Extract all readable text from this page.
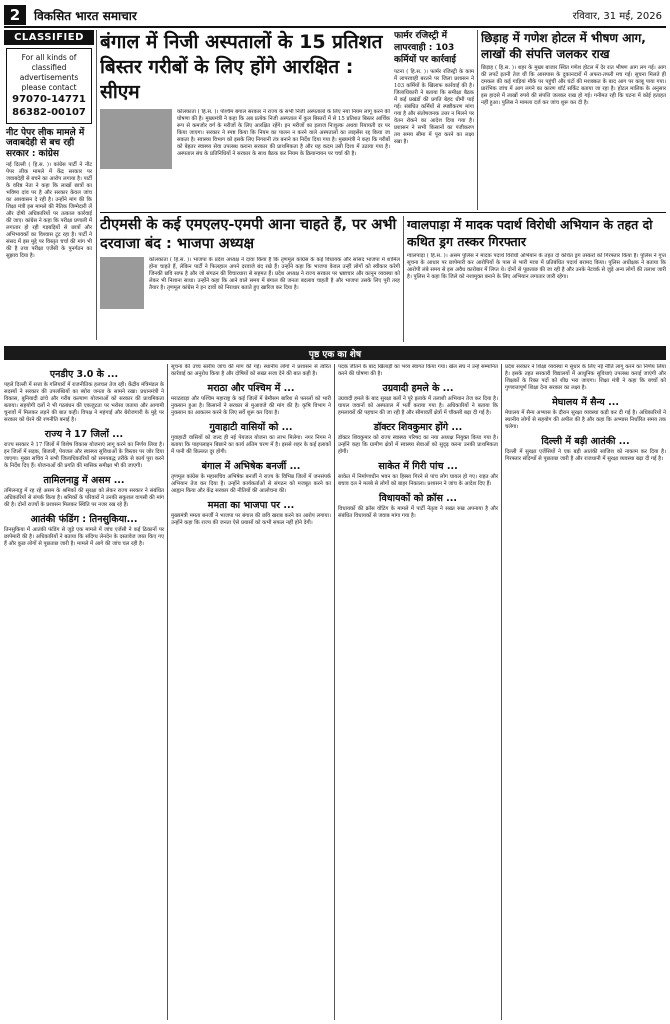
2	विकसित भारत समाचार	रविवार, 31 मई, 2026
CLASSIFIED
For all kinds of
classified
advertisements
please contact
97070-14771
86382-00107

नीट पेपर लीक मामले में जवाबदेही से बच रही सरकार : कांग्रेस

नई दिल्ली ( हि.स. )। कांग्रेस पार्टी ने नीट पेपर लीक मामले में केंद्र सरकार पर जवाबदेही से बचने का आरोप लगाया है। पार्टी के वरिष्ठ नेता ने कहा कि लाखों छात्रों का भविष्य दांव पर है और सरकार केवल जांच का आश्वासन दे रही है। उन्होंने मांग की कि शिक्षा मंत्री इस मामले की नैतिक जिम्मेदारी लें और दोषी अधिकारियों पर तत्काल कार्रवाई की जाए। कांग्रेस ने कहा कि परीक्षा प्रणाली में लगातार हो रही गड़बड़ियों से छात्रों और अभिभावकों का विश्वास टूट रहा है। पार्टी ने संसद में इस मुद्दे पर विस्तृत चर्चा की मांग भी की है तथा परीक्षा एजेंसी के पुनर्गठन का सुझाव दिया है।

बंगाल में निजी अस्पतालों के 15 प्रतिशत बिस्तर गरीबों के लिए होंगे आरक्षित : सीएम

कोलकाता ( हि.स. )। पश्चिम बंगाल सरकार ने राज्य के सभी निजी अस्पतालों के लिए नया नियम लागू करने की घोषणा की है। मुख्यमंत्री ने कहा कि अब प्रत्येक निजी अस्पताल में कुल बिस्तरों में से 15 प्रतिशत बिस्तर आर्थिक रूप से कमजोर वर्ग के मरीजों के लिए आरक्षित रहेंगे। इन मरीजों का इलाज निःशुल्क अथवा रियायती दर पर किया जाएगा। सरकार ने स्पष्ट किया कि नियम का पालन न करने वाले अस्पतालों का लाइसेंस रद्द किया जा सकता है। स्वास्थ्य विभाग को इसके लिए निगरानी तंत्र बनाने का निर्देश दिया गया है। मुख्यमंत्री ने कहा कि गरीबों को बेहतर स्वास्थ्य सेवा उपलब्ध कराना सरकार की प्राथमिकता है और यह कदम उसी दिशा में उठाया गया है। अस्पताल संघ के प्रतिनिधियों ने सरकार के साथ बैठक कर नियम के क्रियान्वयन पर चर्चा की है।

फार्मर रजिस्ट्री में लापरवाही : 103 कर्मियों पर कार्रवाई

पटना ( हि.स. )। फार्मर रजिस्ट्री के काम में लापरवाही बरतने पर जिला प्रशासन ने 103 कर्मियों के खिलाफ कार्रवाई की है। जिलाधिकारी ने बताया कि समीक्षा बैठक में कई प्रखंडों की प्रगति बेहद धीमी पाई गई। संबंधित कर्मियों से स्पष्टीकरण मांगा गया है और संतोषजनक उत्तर न मिलने पर वेतन रोकने का आदेश दिया गया है। प्रशासन ने सभी किसानों का पंजीकरण तय समय सीमा में पूरा करने का लक्ष्य रखा है।

छिड़ाह में गणेश होटल में भीषण आग, लाखों की संपत्ति जलकर राख

छिड़ाह ( हि.स. )। शहर के मुख्य बाजार स्थित गणेश होटल में देर रात भीषण आग लग गई। आग की लपटें इतनी तेज थीं कि आसपास के दुकानदारों में अफरा-तफरी मच गई। सूचना मिलते ही दमकल की कई गाड़ियां मौके पर पहुंचीं और घंटों की मशक्कत के बाद आग पर काबू पाया गया। प्रारंभिक जांच में आग लगने का कारण शॉर्ट सर्किट बताया जा रहा है। होटल मालिक के अनुसार इस हादसे में लाखों रुपये की संपत्ति जलकर राख हो गई। गनीमत रही कि घटना में कोई हताहत नहीं हुआ। पुलिस ने मामला दर्ज कर जांच शुरू कर दी है।

टीएमसी के कई एमएलए-एमपी आना चाहते हैं, पर अभी दरवाजा बंद : भाजपा अध्यक्ष

कोलकाता ( हि.स. )। भाजपा के प्रदेश अध्यक्ष ने दावा किया है कि तृणमूल कांग्रेस के कई विधायक और सांसद भाजपा में शामिल होना चाहते हैं, लेकिन पार्टी ने फिलहाल अपने दरवाजे बंद रखे हैं। उन्होंने कहा कि भाजपा केवल उन्हीं लोगों को स्वीकार करेगी जिनकी छवि साफ है और जो संगठन की विचारधारा से सहमत हैं। प्रदेश अध्यक्ष ने राज्य सरकार पर भ्रष्टाचार और कानून व्यवस्था को लेकर भी निशाना साधा। उन्होंने कहा कि आने वाले समय में बंगाल की जनता बदलाव चाहती है और भाजपा उसके लिए पूरी तरह तैयार है। तृणमूल कांग्रेस ने इन दावों को निराधार बताते हुए खारिज कर दिया है।

ग्वालपाड़ा में मादक पदार्थ विरोधी अभियान के तहत दो कथित ड्रग तस्कर गिरफ्तार

ग्वालपाड़ा ( हि.स. )। असम पुलिस ने मादक पदार्थ विरोधी अभियान के तहत दो कथित ड्रग तस्करों को गिरफ्तार किया है। पुलिस ने गुप्त सूचना के आधार पर छापेमारी कर आरोपियों के पास से भारी मात्रा में प्रतिबंधित पदार्थ बरामद किया। पुलिस अधीक्षक ने बताया कि आरोपी लंबे समय से इस अवैध कारोबार में लिप्त थे। दोनों से पूछताछ की जा रही है और उनके नेटवर्क से जुड़े अन्य लोगों की तलाश जारी है। पुलिस ने कहा कि जिले को नशामुक्त बनाने के लिए अभियान लगातार जारी रहेगा।

पृष्ठ एक का शेष

एनडीए 3.0 के ...

पहले दिल्ली में सत्ता के गलियारों में राजनीतिक हलचल तेज रही। केंद्रीय मंत्रिमंडल के सदस्यों ने सरकार की उपलब्धियों का ब्योरा जनता के सामने रखा। प्रधानमंत्री ने विकास, बुनियादी ढांचे और गरीब कल्याण योजनाओं को सरकार की प्राथमिकता बताया। सहयोगी दलों ने भी गठबंधन की एकजुटता पर भरोसा जताया और आगामी चुनावों में मिलकर लड़ने की बात कही। विपक्ष ने महंगाई और बेरोजगारी के मुद्दे पर सरकार को घेरने की रणनीति बनाई है।

राज्य ने 17 जिलों ...

राज्य सरकार ने 17 जिलों में विशेष विकास योजनाएं लागू करने का निर्णय लिया है। इन जिलों में सड़क, बिजली, पेयजल और स्वास्थ्य सुविधाओं के विस्तार पर जोर दिया जाएगा। मुख्य सचिव ने सभी जिलाधिकारियों को समयबद्ध तरीके से कार्य पूरा करने के निर्देश दिए हैं। योजनाओं की प्रगति की मासिक समीक्षा भी की जाएगी।

तामिलनाडु में असम ...

तमिलनाडु में रह रहे असम के श्रमिकों की सुरक्षा को लेकर राज्य सरकार ने संबंधित अधिकारियों से संपर्क किया है। श्रमिकों के परिवारों ने उनकी सकुशल वापसी की मांग की है। दोनों राज्यों के प्रशासन मिलकर स्थिति पर नजर रख रहे हैं।

आतंकी फंडिंग : तिनसुकिया...

तिनसुकिया में आतंकी फंडिंग से जुड़े एक मामले में जांच एजेंसी ने कई ठिकानों पर छापेमारी की है। अधिकारियों ने बताया कि संदिग्ध लेनदेन के दस्तावेज जब्त किए गए हैं और कुछ लोगों से पूछताछ जारी है। मामले में आगे की जांच चल रही है।

सूचना की उच्च स्तरीय जांच की मांग की गई। स्थानीय लोगों ने प्रशासन से त्वरित कार्रवाई का अनुरोध किया है और दोषियों को सख्त सजा देने की बात कही है।

मराठा और पश्चिम में ...

मराठवाड़ा और पश्चिम महाराष्ट्र के कई जिलों में बेमौसम बारिश से फसलों को भारी नुकसान हुआ है। किसानों ने सरकार से मुआवजे की मांग की है। कृषि विभाग ने नुकसान का आकलन करने के लिए सर्वे शुरू कर दिया है।

गुवाहाटी वासियों को ...

गुवाहाटी वासियों को जल्द ही नई पेयजल योजना का लाभ मिलेगा। नगर निगम ने बताया कि पाइपलाइन बिछाने का कार्य अंतिम चरण में है। इससे शहर के कई इलाकों में पानी की किल्लत दूर होगी।

बंगाल में अभिषेक बनर्जी ...

तृणमूल कांग्रेस के महासचिव अभिषेक बनर्जी ने राज्य के विभिन्न जिलों में जनसंपर्क अभियान तेज कर दिया है। उन्होंने कार्यकर्ताओं से संगठन को मजबूत करने का आह्वान किया और केंद्र सरकार की नीतियों की आलोचना की।

ममता का भाजपा पर ...

मुख्यमंत्री ममता बनर्जी ने भाजपा पर बंगाल की छवि खराब करने का आरोप लगाया। उन्होंने कहा कि राज्य की जनता ऐसे प्रयासों को कभी सफल नहीं होने देगी।

पदक जीतने के बाद खिलाड़ी का भव्य स्वागत किया गया। खेल संघ ने उन्हें सम्मानित करने की घोषणा की है।

उग्रवादी हमले के ...

उग्रवादी हमले के बाद सुरक्षा बलों ने पूरे इलाके में तलाशी अभियान तेज कर दिया है। घायल जवानों को अस्पताल में भर्ती कराया गया है। अधिकारियों ने बताया कि हमलावरों की पहचान की जा रही है और सीमावर्ती क्षेत्रों में चौकसी बढ़ा दी गई है।

डॉक्टर शिवकुमार होंगे ...

डॉक्टर शिवकुमार को राज्य स्वास्थ्य परिषद का नया अध्यक्ष नियुक्त किया गया है। उन्होंने कहा कि ग्रामीण क्षेत्रों में स्वास्थ्य सेवाओं को सुदृढ़ करना उनकी प्राथमिकता होगी।

साकेत में गिरी पांच ...

साकेत में निर्माणाधीन भवन का हिस्सा गिरने से पांच लोग घायल हो गए। राहत और बचाव दल ने मलबे से लोगों को बाहर निकाला। प्रशासन ने जांच के आदेश दिए हैं।

विधायकों को क्रॉस ...

विधायकों की क्रॉस वोटिंग के मामले में पार्टी नेतृत्व ने सख्त रुख अपनाया है और संबंधित विधायकों से जवाब मांगा गया है।

प्रदेश सरकार ने शिक्षा व्यवस्था में सुधार के लिए नई नीति लागू करने का निर्णय लिया है। इसके तहत सरकारी विद्यालयों में आधुनिक सुविधाएं उपलब्ध कराई जाएंगी और शिक्षकों के रिक्त पदों को शीघ्र भरा जाएगा। शिक्षा मंत्री ने कहा कि बच्चों को गुणवत्तापूर्ण शिक्षा देना सरकार का लक्ष्य है।

मेघालय में सैन्य ...

मेघालय में सैन्य अभ्यास के दौरान सुरक्षा व्यवस्था कड़ी कर दी गई है। अधिकारियों ने स्थानीय लोगों से सहयोग की अपील की है और कहा कि अभ्यास निर्धारित समय तक चलेगा।

दिल्ली में बड़ी आतंकी ...

दिल्ली में सुरक्षा एजेंसियों ने एक बड़ी आतंकी साजिश को नाकाम कर दिया है। गिरफ्तार संदिग्धों से पूछताछ जारी है और राजधानी में सुरक्षा व्यवस्था बढ़ा दी गई है।
